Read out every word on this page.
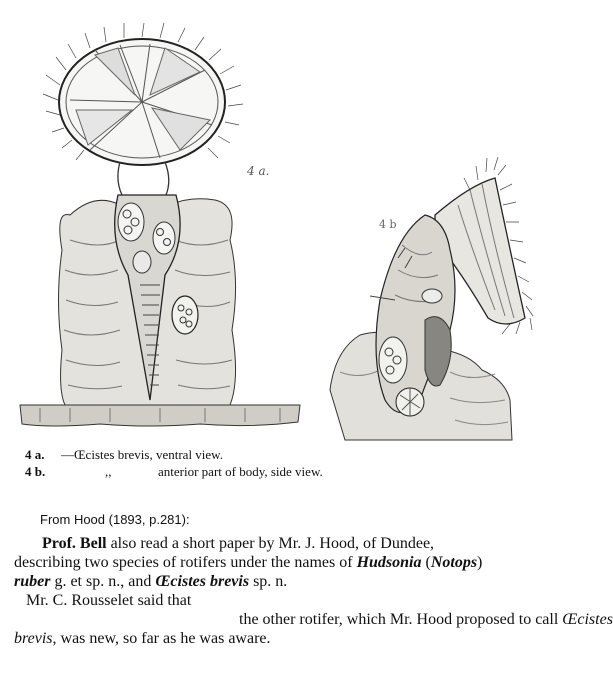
4 a.
4 b
4 a. —Œcistes brevis, ventral view.
4 b.	,,	anterior part of body, side view.
From Hood (1893, p.281):
Prof. Bell also read a short paper by Mr. J. Hood, of Dundee,
describing two species of rotifers under the names of Hudsonia (Notops)
ruber g. et sp. n., and Œcistes brevis sp. n.
Mr. C. Rousselet said that
the other rotifer, which Mr. Hood proposed to call Œcistes
brevis, was new, so far as he was aware.
